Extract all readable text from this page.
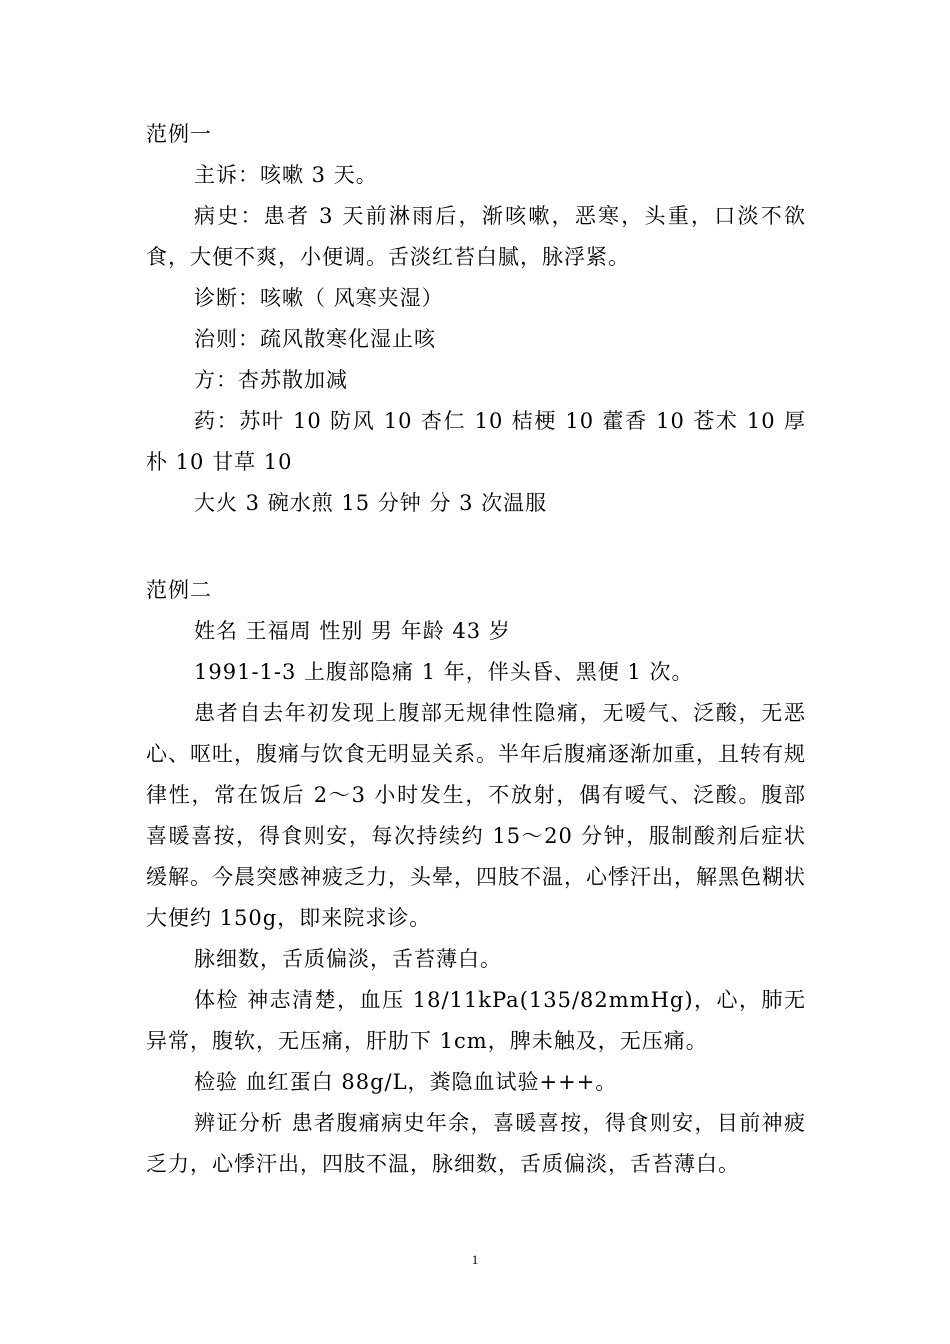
范例一
主诉：咳嗽 3 天。
病史：患者 3 天前淋雨后，渐咳嗽，恶寒，头重，口淡不欲食，大便不爽，小便调。舌淡红苔白腻，脉浮紧。
诊断：咳嗽（ 风寒夹湿）
治则：疏风散寒化湿止咳
方：杏苏散加减
药：苏叶 10 防风 10 杏仁 10 桔梗 10 藿香 10 苍术 10 厚朴 10 甘草 10
大火 3 碗水煎 15 分钟 分 3 次温服
范例二
姓名 王福周 性别 男 年龄 43 岁
1991-1-3 上腹部隐痛 1 年，伴头昏、黑便 1 次。
患者自去年初发现上腹部无规律性隐痛，无嗳气、泛酸，无恶心、呕吐，腹痛与饮食无明显关系。半年后腹痛逐渐加重，且转有规律性，常在饭后 2～3 小时发生，不放射，偶有嗳气、泛酸。腹部喜暖喜按，得食则安，每次持续约 15～20 分钟，服制酸剂后症状缓解。今晨突感神疲乏力，头晕，四肢不温，心悸汗出，解黑色糊状大便约 150g，即来院求诊。
脉细数，舌质偏淡，舌苔薄白。
体检 神志清楚，血压 18/11kPa(135/82mmHg)，心，肺无异常，腹软，无压痛，肝肋下 1cm，脾未触及，无压痛。
检验 血红蛋白 88g/L，粪隐血试验+++。
辨证分析 患者腹痛病史年余，喜暖喜按，得食则安，目前神疲乏力，心悸汗出，四肢不温，脉细数，舌质偏淡，舌苔薄白。
1
